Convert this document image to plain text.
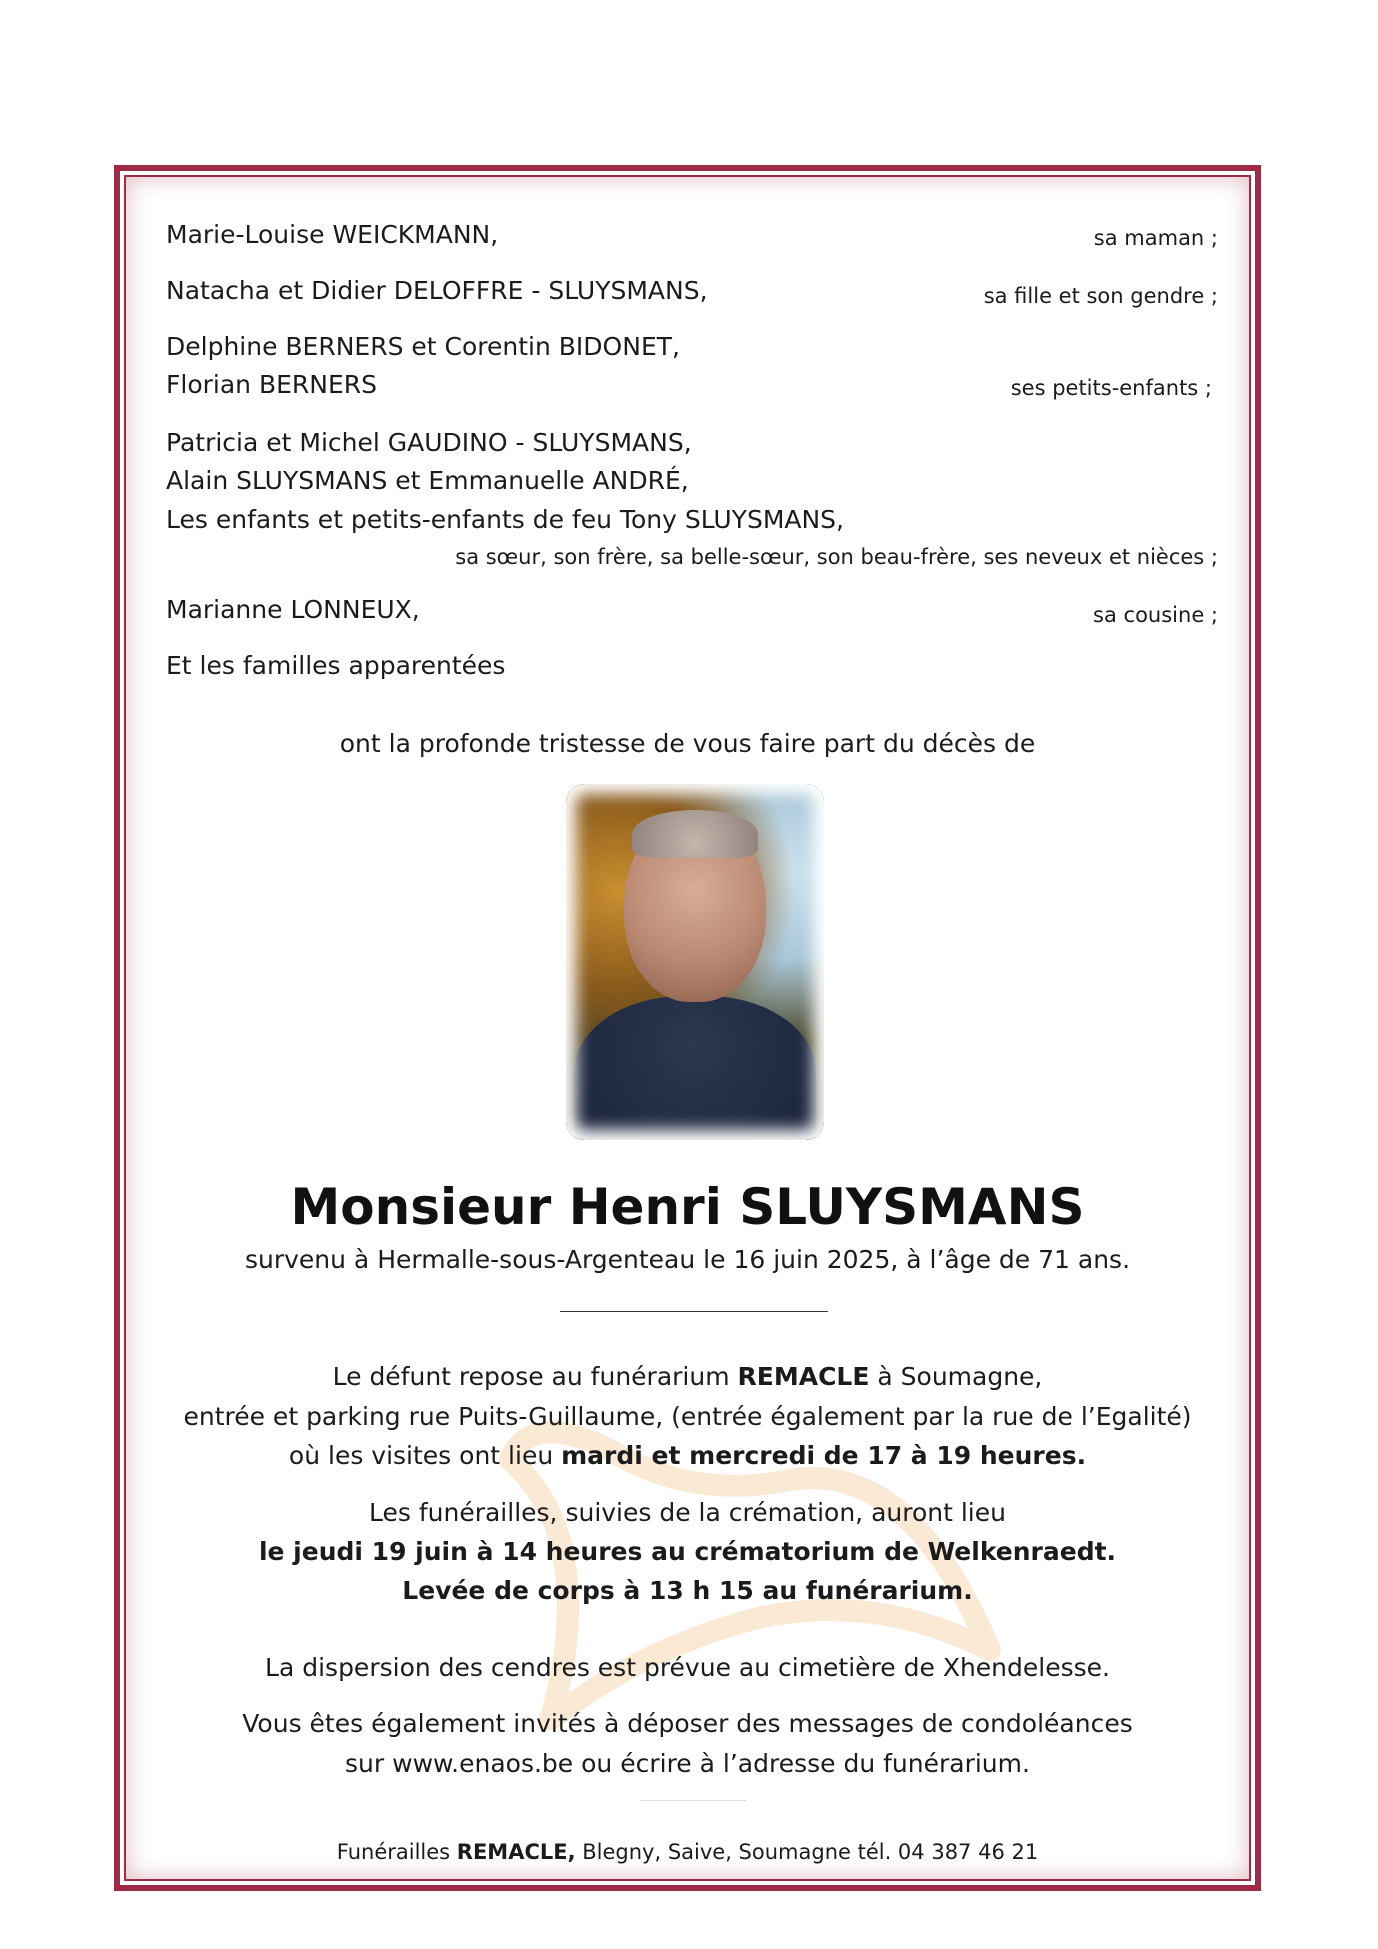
Marie-Louise WEICKMANN,	sa maman ;
Natacha et Didier DELOFFRE - SLUYSMANS,	sa fille et son gendre ;
Delphine BERNERS et Corentin BIDONET,
Florian BERNERS	ses petits-enfants ;
Patricia et Michel GAUDINO - SLUYSMANS,
Alain SLUYSMANS et Emmanuelle ANDRÉ,
Les enfants et petits-enfants de feu Tony SLUYSMANS,
sa sœur, son frère, sa belle-sœur, son beau-frère, ses neveux et nièces ;
Marianne LONNEUX,	sa cousine ;
Et les familles apparentées
ont la profonde tristesse de vous faire part du décès de
Monsieur Henri SLUYSMANS
survenu à Hermalle-sous-Argenteau le 16 juin 2025, à l’âge de 71 ans.
Le défunt repose au funérarium REMACLE à Soumagne,
entrée et parking rue Puits-Guillaume, (entrée également par la rue de l’Egalité)
où les visites ont lieu mardi et mercredi de 17 à 19 heures.
Les funérailles, suivies de la crémation, auront lieu
le jeudi 19 juin à 14 heures au crématorium de Welkenraedt.
Levée de corps à 13 h 15 au funérarium.
La dispersion des cendres est prévue au cimetière de Xhendelesse.
Vous êtes également invités à déposer des messages de condoléances
sur www.enaos.be ou écrire à l’adresse du funérarium.
Funérailles REMACLE, Blegny, Saive, Soumagne tél. 04 387 46 21
